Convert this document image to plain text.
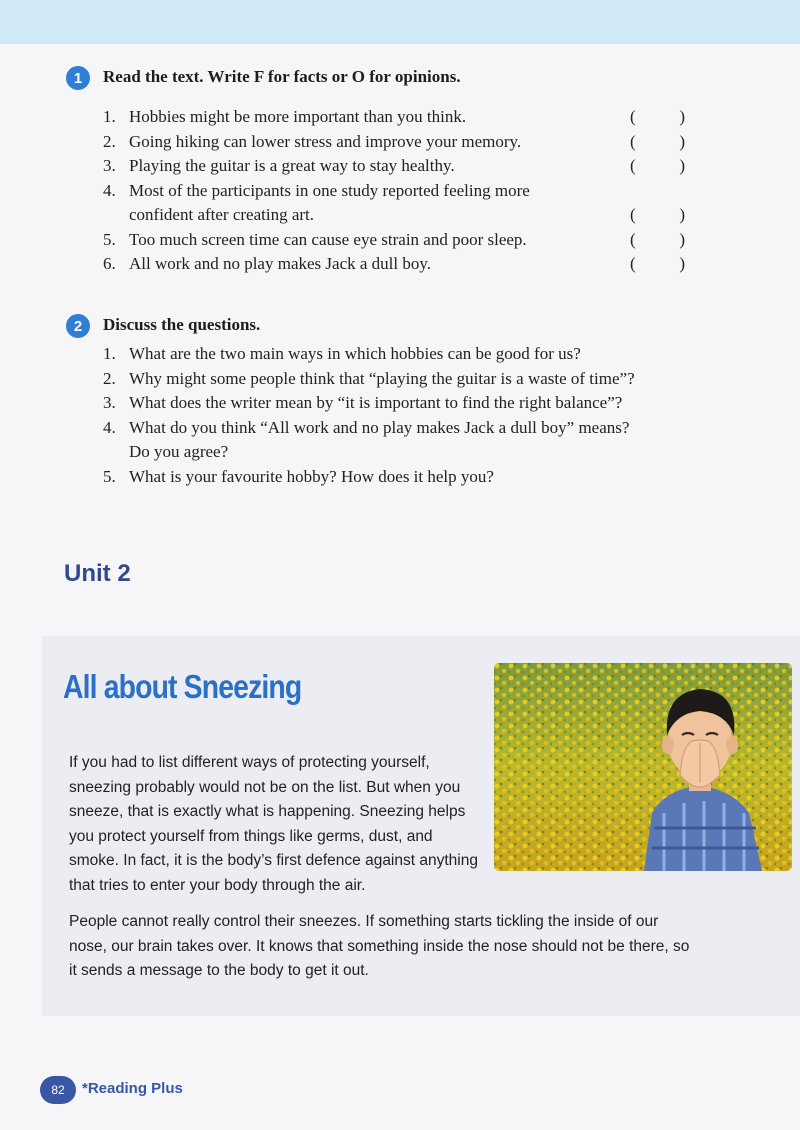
1	Read the text. Write F for facts or O for opinions.
1. Hobbies might be more important than you think.	(	)
2. Going hiking can lower stress and improve your memory.	(	)
3. Playing the guitar is a great way to stay healthy.	(	)
4. Most of the participants in one study reported feeling more
confident after creating art.	(	)
5. Too much screen time can cause eye strain and poor sleep.	(	)
6. All work and no play makes Jack a dull boy.	(	)
2	Discuss the questions.
1. What are the two main ways in which hobbies can be good for us?
2. Why might some people think that “playing the guitar is a waste of time”?
3. What does the writer mean by “it is important to find the right balance”?
4. What do you think “All work and no play makes Jack a dull boy” means?
Do you agree?
5. What is your favourite hobby? How does it help you?
Unit 2
All about Sneezing
If you had to list different ways of protecting yourself, sneezing probably would not be on the list. But when you sneeze, that is exactly what is happening. Sneezing helps you protect yourself from things like germs, dust, and smoke. In fact, it is the body’s first defence against anything that tries to enter your body through the air.
People cannot really control their sneezes. If something starts tickling the inside of our nose, our brain takes over. It knows that something inside the nose should not be there, so it sends a message to the body to get it out.
82	*Reading Plus
